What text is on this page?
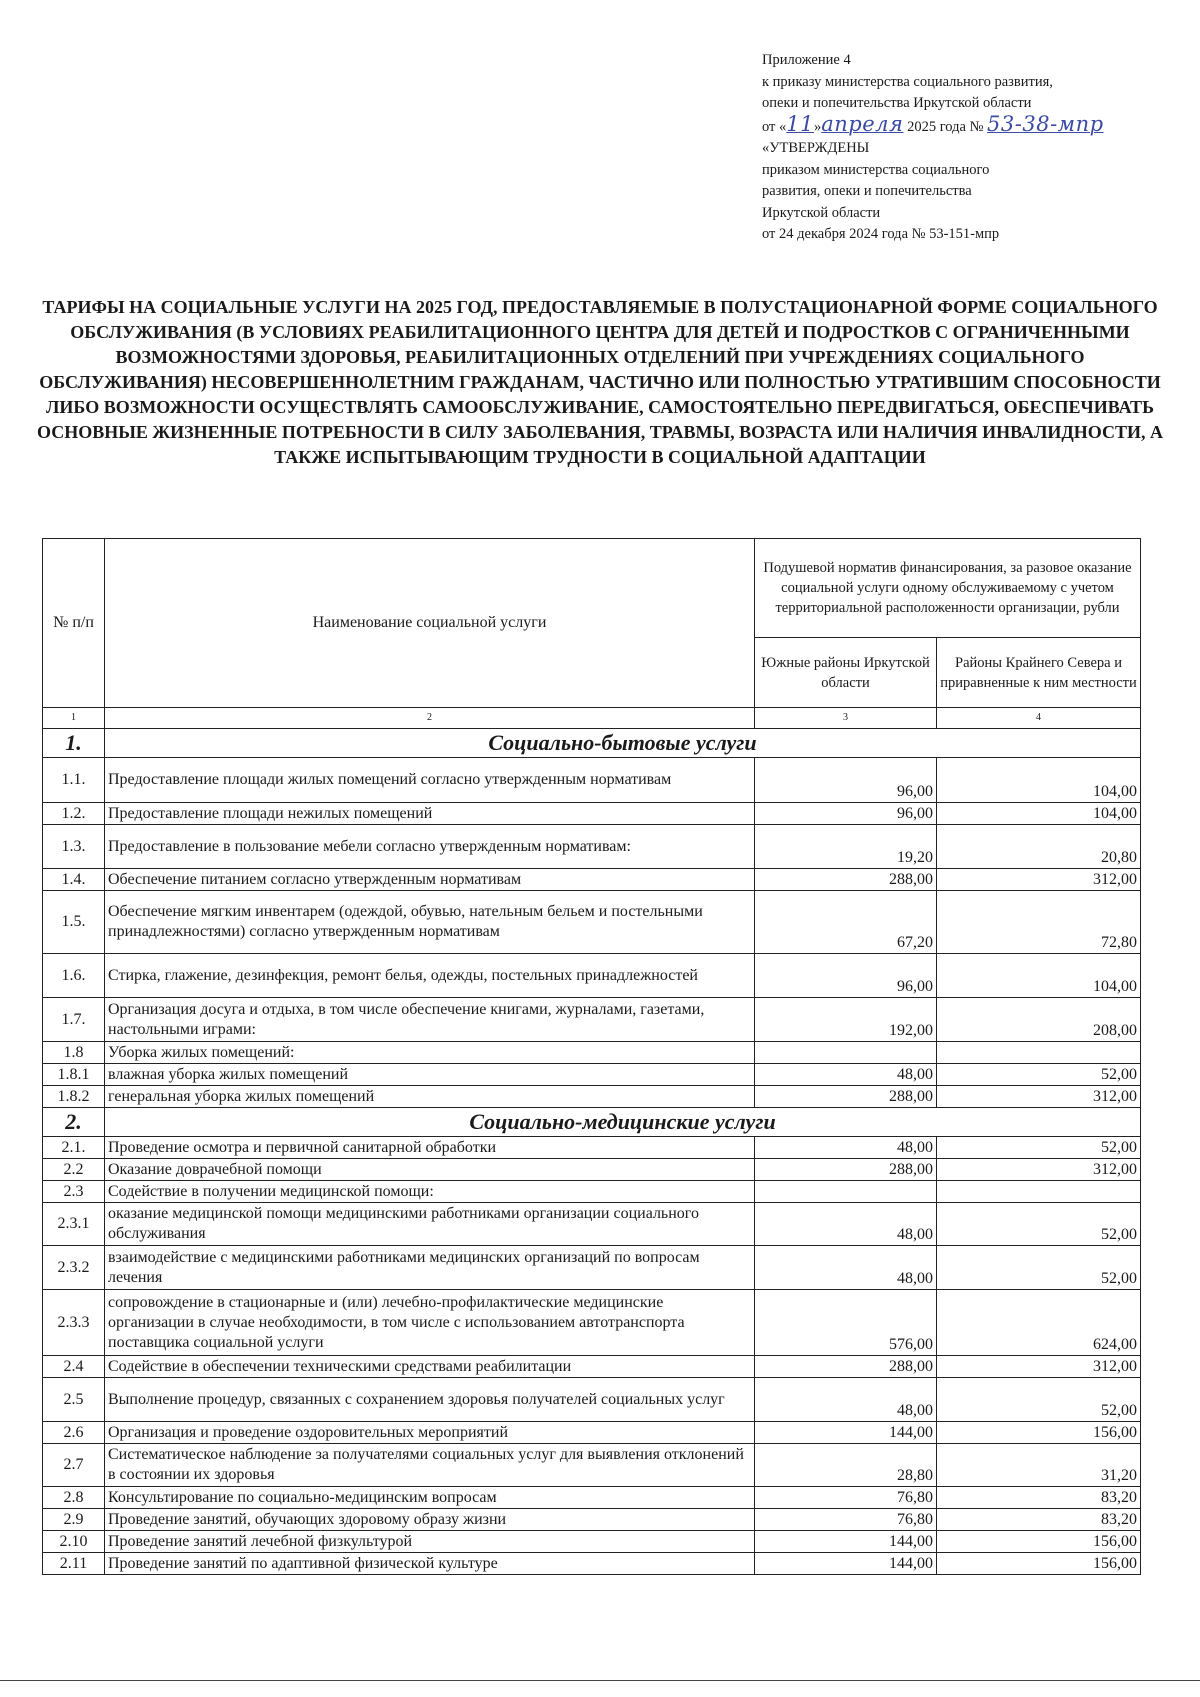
Приложение 4
к приказу министерства социального развития,
опеки и попечительства Иркутской области
от «11»апреля 2025 года № 53-38-мпр
«УТВЕРЖДЕНЫ
приказом министерства социального
развития, опеки и попечительства
Иркутской области
от 24 декабря 2024 года № 53-151-мпр
ТАРИФЫ НА СОЦИАЛЬНЫЕ УСЛУГИ НА 2025 ГОД, ПРЕДОСТАВЛЯЕМЫЕ В ПОЛУСТАЦИОНАРНОЙ ФОРМЕ СОЦИАЛЬНОГО ОБСЛУЖИВАНИЯ (В УСЛОВИЯХ РЕАБИЛИТАЦИОННОГО ЦЕНТРА ДЛЯ ДЕТЕЙ И ПОДРОСТКОВ С ОГРАНИЧЕННЫМИ ВОЗМОЖНОСТЯМИ ЗДОРОВЬЯ, РЕАБИЛИТАЦИОННЫХ ОТДЕЛЕНИЙ ПРИ УЧРЕЖДЕНИЯХ СОЦИАЛЬНОГО ОБСЛУЖИВАНИЯ) НЕСОВЕРШЕННОЛЕТНИМ ГРАЖДАНАМ, ЧАСТИЧНО ИЛИ ПОЛНОСТЬЮ УТРАТИВШИМ СПОСОБНОСТИ ЛИБО ВОЗМОЖНОСТИ ОСУЩЕСТВЛЯТЬ САМООБСЛУЖИВАНИЕ, САМОСТОЯТЕЛЬНО ПЕРЕДВИГАТЬСЯ, ОБЕСПЕЧИВАТЬ ОСНОВНЫЕ ЖИЗНЕННЫЕ ПОТРЕБНОСТИ В СИЛУ ЗАБОЛЕВАНИЯ, ТРАВМЫ, ВОЗРАСТА ИЛИ НАЛИЧИЯ ИНВАЛИДНОСТИ, А ТАКЖЕ ИСПЫТЫВАЮЩИМ ТРУДНОСТИ В СОЦИАЛЬНОЙ АДАПТАЦИИ
№ п/п	Наименование социальной услуги	Подушевой норматив финансирования, за разовое оказание социальной услуги одному обслуживаемому с учетом территориальной расположенности организации, рубли	
		Южные районы Иркутской области	Районы Крайнего Севера и приравненные к ним местности
1	2	3	4
1.	Социально-бытовые услуги		
1.1.	Предоставление площади жилых помещений согласно утвержденным нормативам	96,00	104,00
1.2.	Предоставление площади нежилых помещений	96,00	104,00
1.3.	Предоставление в пользование мебели согласно утвержденным нормативам:	19,20	20,80
1.4.	Обеспечение питанием согласно утвержденным нормативам	288,00	312,00
1.5.	Обеспечение мягким инвентарем (одеждой, обувью, нательным бельем и постельными принадлежностями) согласно утвержденным нормативам	67,20	72,80
1.6.	Стирка, глажение, дезинфекция, ремонт белья, одежды, постельных принадлежностей	96,00	104,00
1.7.	Организация досуга и отдыха, в том числе обеспечение книгами, журналами, газетами, настольными играми:	192,00	208,00
1.8	Уборка жилых помещений:		
1.8.1	влажная уборка жилых помещений	48,00	52,00
1.8.2	генеральная уборка жилых помещений	288,00	312,00
2.	Социально-медицинские услуги		
2.1.	Проведение осмотра и первичной санитарной обработки	48,00	52,00
2.2	Оказание доврачебной помощи	288,00	312,00
2.3	Содействие в получении медицинской помощи:		
2.3.1	оказание медицинской помощи медицинскими работниками организации социального обслуживания	48,00	52,00
2.3.2	взаимодействие с медицинскими работниками медицинских организаций по вопросам лечения	48,00	52,00
2.3.3	сопровождение в стационарные и (или) лечебно-профилактические медицинские организации в случае необходимости, в том числе с использованием автотранспорта поставщика социальной услуги	576,00	624,00
2.4	Содействие в обеспечении техническими средствами реабилитации	288,00	312,00
2.5	Выполнение процедур, связанных с сохранением здоровья получателей социальных услуг	48,00	52,00
2.6	Организация и проведение оздоровительных мероприятий	144,00	156,00
2.7	Систематическое наблюдение за получателями социальных услуг для выявления отклонений в состоянии их здоровья	28,80	31,20
2.8	Консультирование по социально-медицинским вопросам	76,80	83,20
2.9	Проведение занятий, обучающих здоровому образу жизни	76,80	83,20
2.10	Проведение занятий лечебной физкультурой	144,00	156,00
2.11	Проведение занятий по адаптивной физической культуре	144,00	156,00
